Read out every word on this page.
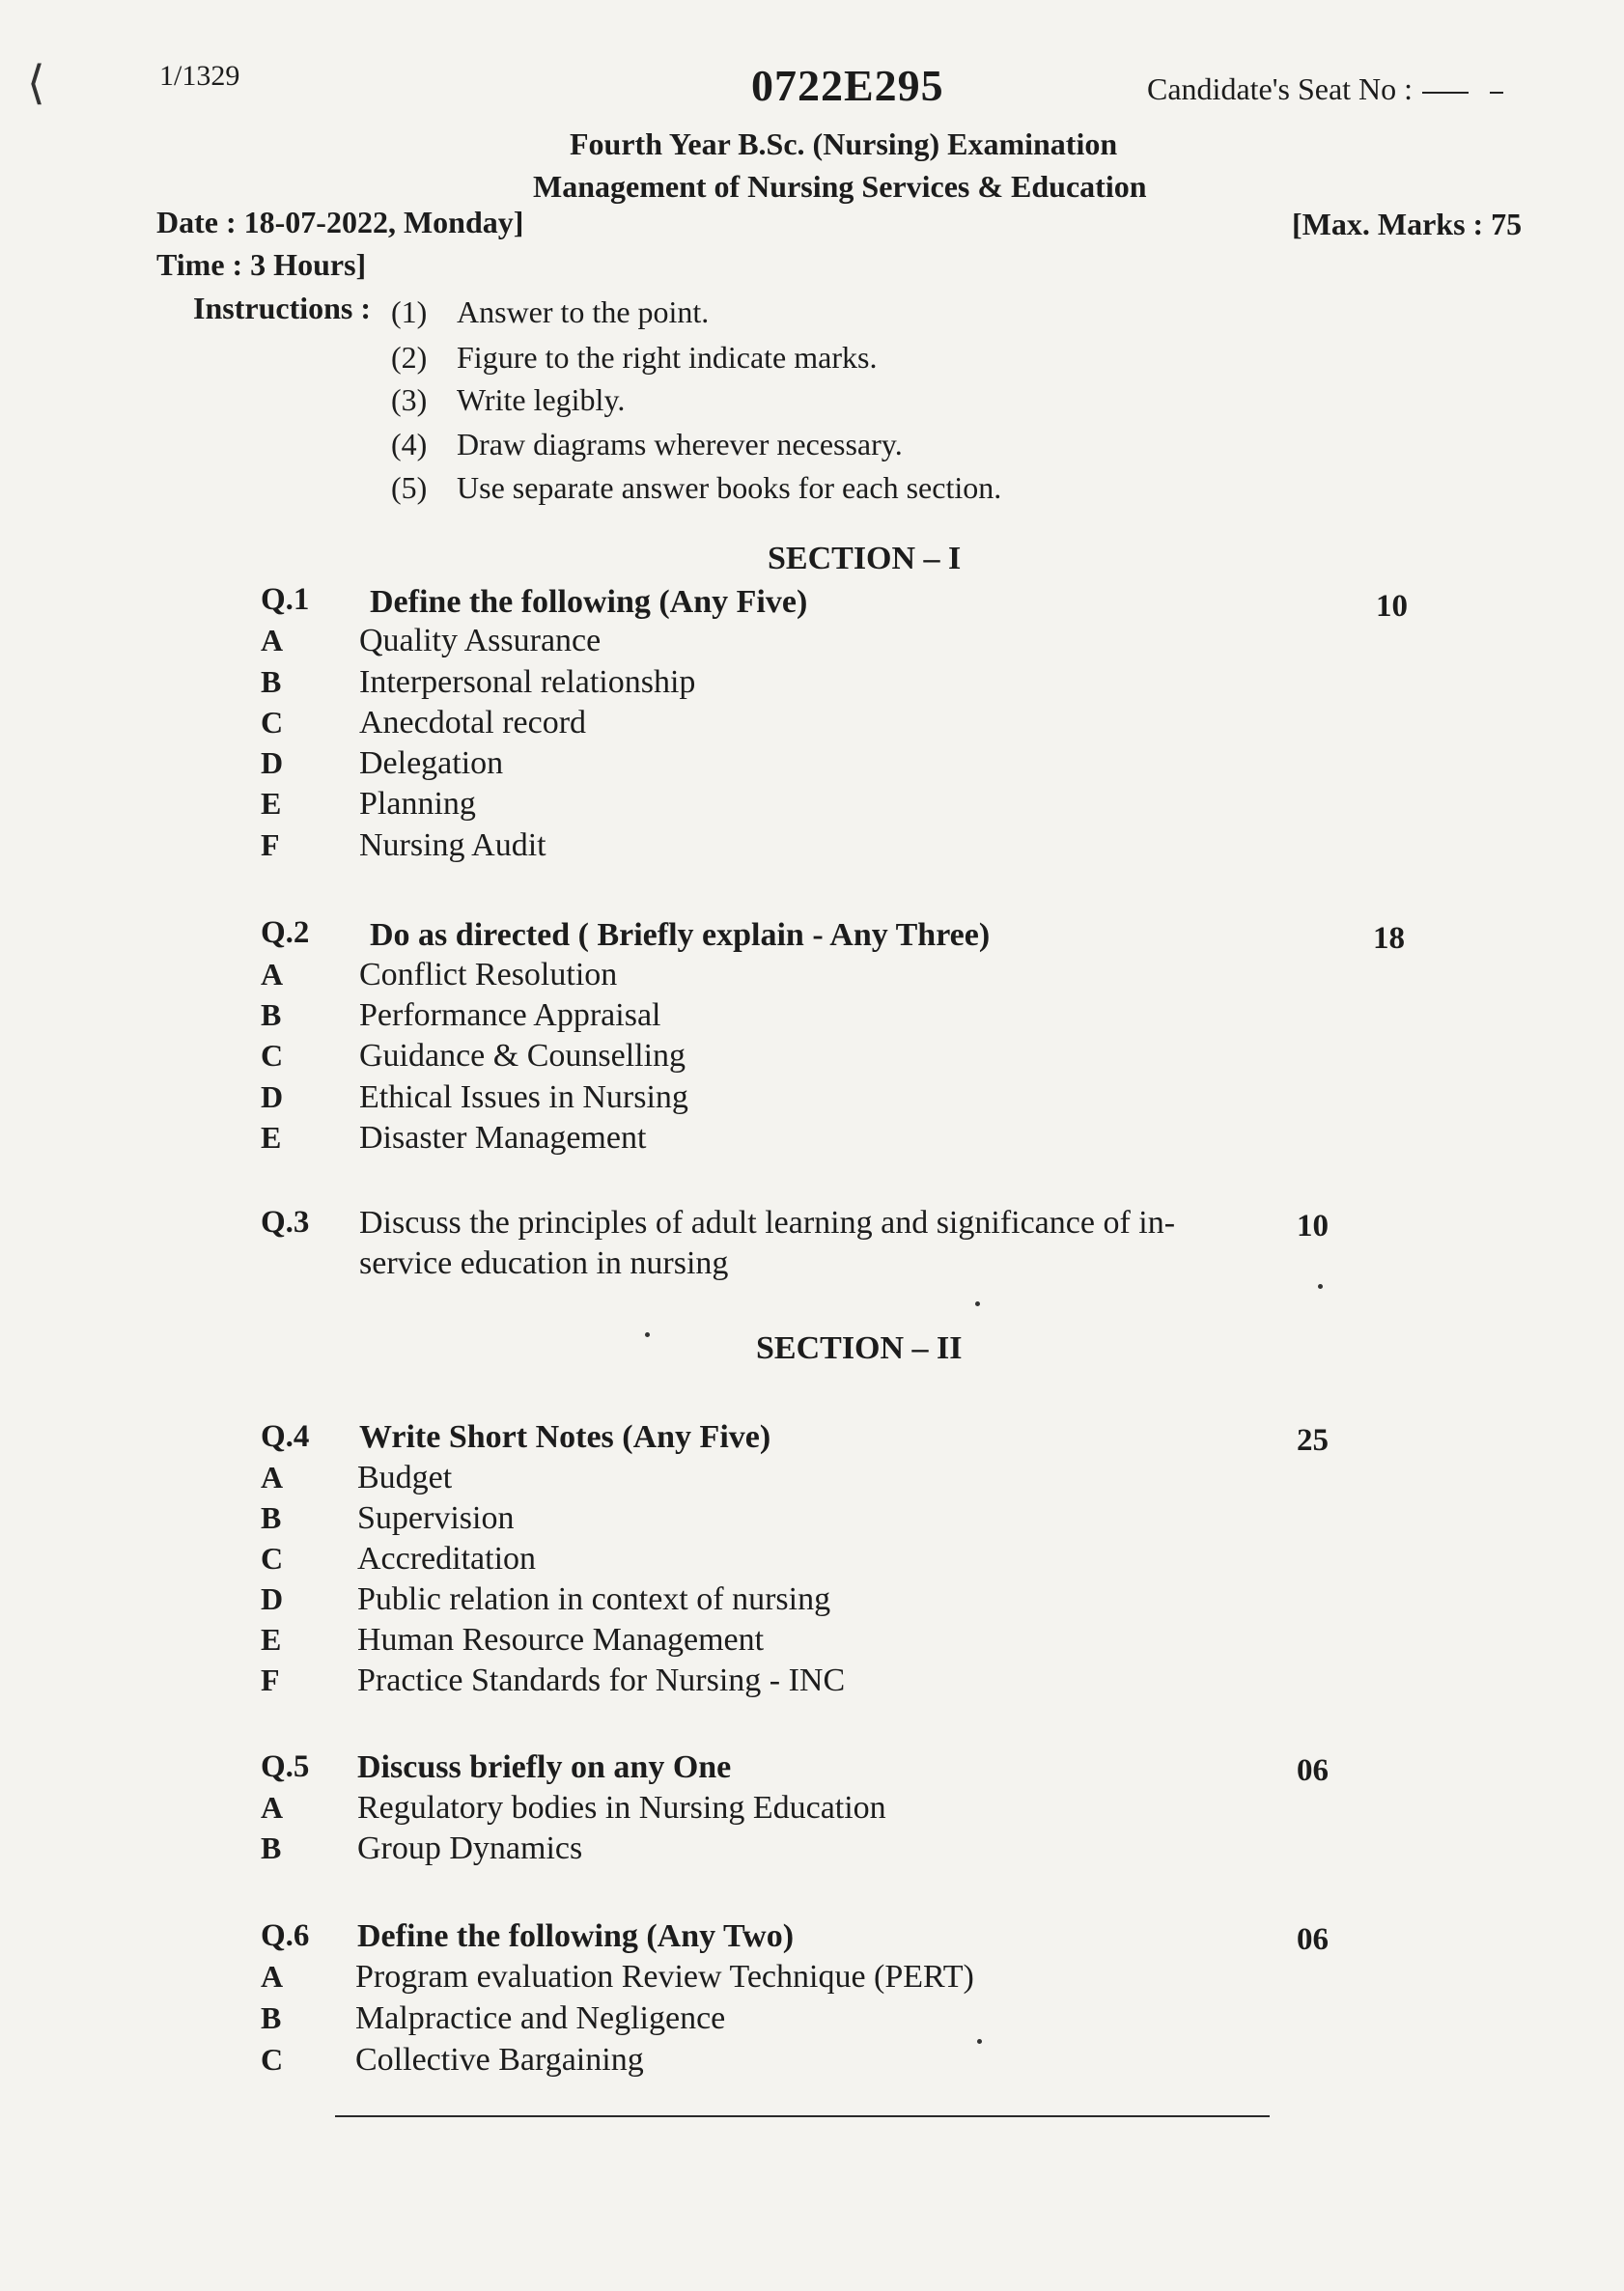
⟨	1/1329	0722E295	Candidate's Seat No :
Fourth Year B.Sc. (Nursing) Examination
Management of Nursing Services & Education
Date : 18-07-2022, Monday]	[Max. Marks : 75
Time : 3 Hours]
Instructions : (1) Answer to the point.
(2) Figure to the right indicate marks.
(3) Write legibly.
(4) Draw diagrams wherever necessary.
(5) Use separate answer books for each section.
SECTION – I
Q.1 Define the following (Any Five)	10
A Quality Assurance
B Interpersonal relationship
C Anecdotal record
D Delegation
E Planning
F Nursing Audit
Q.2 Do as directed ( Briefly explain - Any Three)	18
A Conflict Resolution
B Performance Appraisal
C Guidance & Counselling
D Ethical Issues in Nursing
E Disaster Management
Q.3 Discuss the principles of adult learning and significance of in-
service education in nursing
10
SECTION – II
Q.4 Write Short Notes (Any Five)	25
A Budget
B Supervision
C Accreditation
D Public relation in context of nursing
E Human Resource Management
F Practice Standards for Nursing - INC
Q.5 Discuss briefly on any One	06
A Regulatory bodies in Nursing Education
B Group Dynamics
Q.6 Define the following (Any Two)	06
A Program evaluation Review Technique (PERT)
B Malpractice and Negligence
C Collective Bargaining
